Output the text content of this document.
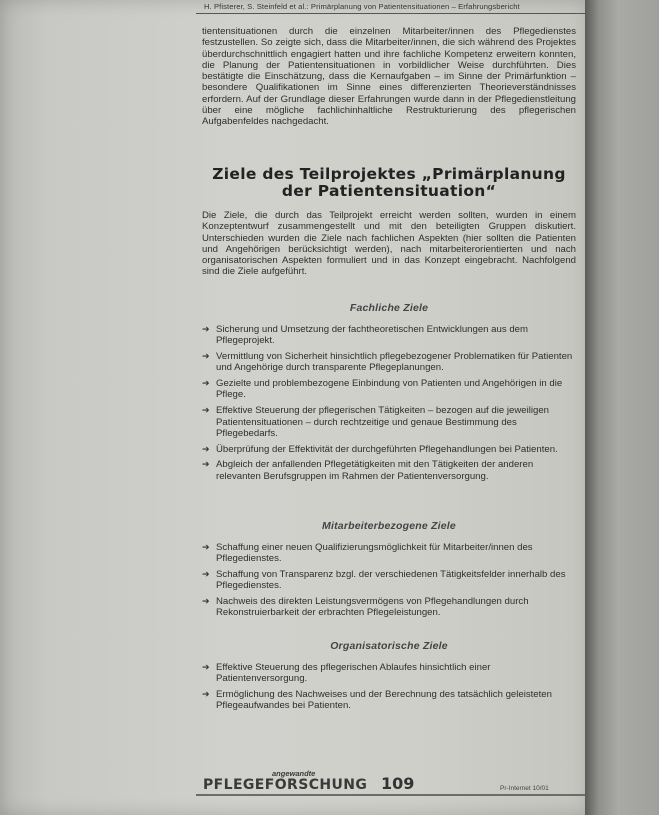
H. Pfisterer, S. Steinfeld et al.: Primärplanung von Patientensituationen – Erfahrungsbericht

tientensituationen durch die einzelnen Mitarbeiter/innen des Pflegedienstes festzustellen. So zeigte sich, dass die Mitarbeiter/innen, die sich während des Projektes überdurchschnittlich engagiert hatten und ihre fachliche Kompetenz erweitern konnten, die Planung der Patientensituationen in vorbildlicher Weise durchführten. Dies bestätigte die Einschätzung, dass die Kernaufgaben – im Sinne der Primärfunktion – besondere Qualifikationen im Sinne eines differenzierten Theorieverständnisses erfordern. Auf der Grundlage dieser Erfahrungen wurde dann in der Pflegedienstleitung über eine mögliche fachlichinhaltliche Restrukturierung des pflegerischen Aufgabenfeldes nachgedacht.

Ziele des Teilprojektes „Primärplanung der Patientensituation“

Die Ziele, die durch das Teilprojekt erreicht werden sollten, wurden in einem Konzeptentwurf zusammengestellt und mit den beteiligten Gruppen diskutiert. Unterschieden wurden die Ziele nach fachlichen Aspekten (hier sollten die Patienten und Angehörigen berücksichtigt werden), nach mitarbeiterorientierten und nach organisatorischen Aspekten formuliert und in das Konzept eingebracht. Nachfolgend sind die Ziele aufgeführt.

Fachliche Ziele
➔ Sicherung und Umsetzung der fachtheoretischen Entwicklungen aus dem Pflegeprojekt.
➔ Vermittlung von Sicherheit hinsichtlich pflegebezogener Problematiken für Patienten und Angehörige durch transparente Pflegeplanungen.
➔ Gezielte und problembezogene Einbindung von Patienten und Angehörigen in die Pflege.
➔ Effektive Steuerung der pflegerischen Tätigkeiten – bezogen auf die jeweiligen Patientensituationen – durch rechtzeitige und genaue Bestimmung des Pflegebedarfs.
➔ Überprüfung der Effektivität der durchgeführten Pflegehandlungen bei Patienten.
➔ Abgleich der anfallenden Pflegetätigkeiten mit den Tätigkeiten der anderen relevanten Berufsgruppen im Rahmen der Patientenversorgung.
Mitarbeiterbezogene Ziele
➔ Schaffung einer neuen Qualifizierungsmöglichkeit für Mitarbeiter/innen des Pflegedienstes.
➔ Schaffung von Transparenz bzgl. der verschiedenen Tätigkeitsfelder innerhalb des Pflegedienstes.
➔ Nachweis des direkten Leistungsvermögens von Pflegehandlungen durch Rekonstruierbarkeit der erbrachten Pflegeleistungen.
Organisatorische Ziele
➔ Effektive Steuerung des pflegerischen Ablaufes hinsichtlich einer Patientenversorgung.
➔ Ermöglichung des Nachweises und der Berechnung des tatsächlich geleisteten Pflegeaufwandes bei Patienten.
angewandte
PFLEGEFORSCHUNG 109	Pr-Internet 10/01
